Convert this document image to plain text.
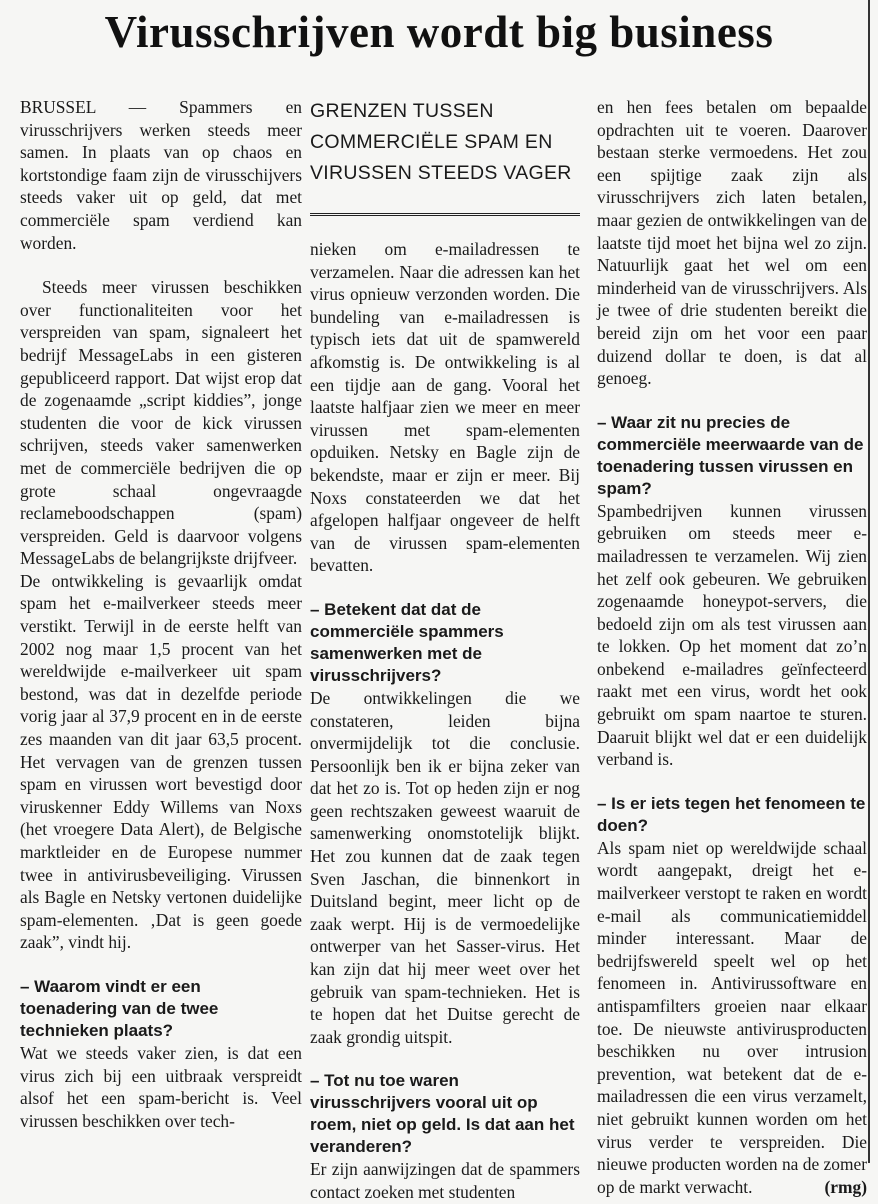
Virusschrijven wordt big business

BRUSSEL — Spammers en virusschrijvers werken steeds meer samen. In plaats van op chaos en kortstondige faam zijn de virusschijvers steeds vaker uit op geld, dat met commerciële spam verdiend kan worden.

Steeds meer virussen beschikken over functionaliteiten voor het verspreiden van spam, signaleert het bedrijf MessageLabs in een gisteren gepubliceerd rapport. Dat wijst erop dat de zogenaamde „script kiddies”, jonge studenten die voor de kick virussen schrijven, steeds vaker samenwerken met de commerciële bedrijven die op grote schaal ongevraagde reclameboodschappen (spam) verspreiden. Geld is daarvoor volgens MessageLabs de belangrijkste drijfveer.

De ontwikkeling is gevaarlijk omdat spam het e-mailverkeer steeds meer verstikt. Terwijl in de eerste helft van 2002 nog maar 1,5 procent van het wereldwijde e-mailverkeer uit spam bestond, was dat in dezelfde periode vorig jaar al 37,9 procent en in de eerste zes maanden van dit jaar 63,5 procent. Het vervagen van de grenzen tussen spam en virussen wort bevestigd door viruskenner Eddy Willems van Noxs (het vroegere Data Alert), de Belgische marktleider en de Europese nummer twee in antivirusbeveiliging. Virussen als Bagle en Netsky vertonen duidelijke spam-elementen. ‚Dat is geen goede zaak”, vindt hij.

– Waarom vindt er een toenadering van de twee technieken plaats?

Wat we steeds vaker zien, is dat een virus zich bij een uitbraak verspreidt alsof het een spam-bericht is. Veel virussen beschikken over tech-

GRENZEN TUSSEN COMMERCIËLE SPAM EN VIRUSSEN STEEDS VAGER

nieken om e-mailadressen te verzamelen. Naar die adressen kan het virus opnieuw verzonden worden. Die bundeling van e-mailadressen is typisch iets dat uit de spamwereld afkomstig is. De ontwikkeling is al een tijdje aan de gang. Vooral het laatste halfjaar zien we meer en meer virussen met spam-elementen opduiken. Netsky en Bagle zijn de bekendste, maar er zijn er meer. Bij Noxs constateerden we dat het afgelopen halfjaar ongeveer de helft van de virussen spam-elementen bevatten.

– Betekent dat dat de commerciële spammers samenwerken met de virusschrijvers?

De ontwikkelingen die we constateren, leiden bijna onvermijdelijk tot die conclusie. Persoonlijk ben ik er bijna zeker van dat het zo is. Tot op heden zijn er nog geen rechtszaken geweest waaruit de samenwerking onomstotelijk blijkt. Het zou kunnen dat de zaak tegen Sven Jaschan, die binnenkort in Duitsland begint, meer licht op de zaak werpt. Hij is de vermoedelijke ontwerper van het Sasser-virus. Het kan zijn dat hij meer weet over het gebruik van spam-technieken. Het is te hopen dat het Duitse gerecht de zaak grondig uitspit.

– Tot nu toe waren virusschrijvers vooral uit op roem, niet op geld. Is dat aan het veranderen?

Er zijn aanwijzingen dat de spammers contact zoeken met studenten

en hen fees betalen om bepaalde opdrachten uit te voeren. Daarover bestaan sterke vermoedens. Het zou een spijtige zaak zijn als virusschrijvers zich laten betalen, maar gezien de ontwikkelingen van de laatste tijd moet het bijna wel zo zijn. Natuurlijk gaat het wel om een minderheid van de virusschrijvers. Als je twee of drie studenten bereikt die bereid zijn om het voor een paar duizend dollar te doen, is dat al genoeg.

– Waar zit nu precies de commerciële meerwaarde van de toenadering tussen virussen en spam?

Spambedrijven kunnen virussen gebruiken om steeds meer e-mailadressen te verzamelen. Wij zien het zelf ook gebeuren. We gebruiken zogenaamde honeypot-servers, die bedoeld zijn om als test virussen aan te lokken. Op het moment dat zo’n onbekend e-mailadres geïnfecteerd raakt met een virus, wordt het ook gebruikt om spam naartoe te sturen. Daaruit blijkt wel dat er een duidelijk verband is.

– Is er iets tegen het fenomeen te doen?

Als spam niet op wereldwijde schaal wordt aangepakt, dreigt het e-mailverkeer verstopt te raken en wordt e-mail als communicatiemiddel minder interessant. Maar de bedrijfswereld speelt wel op het fenomeen in. Antivirussoftware en antispamfilters groeien naar elkaar toe. De nieuwste antivirusproducten beschikken nu over intrusion prevention, wat betekent dat de e-mailadressen die een virus verzamelt, niet gebruikt kunnen worden om het virus verder te verspreiden. Die nieuwe producten worden na de zomer op de markt verwacht.	(rmg)
